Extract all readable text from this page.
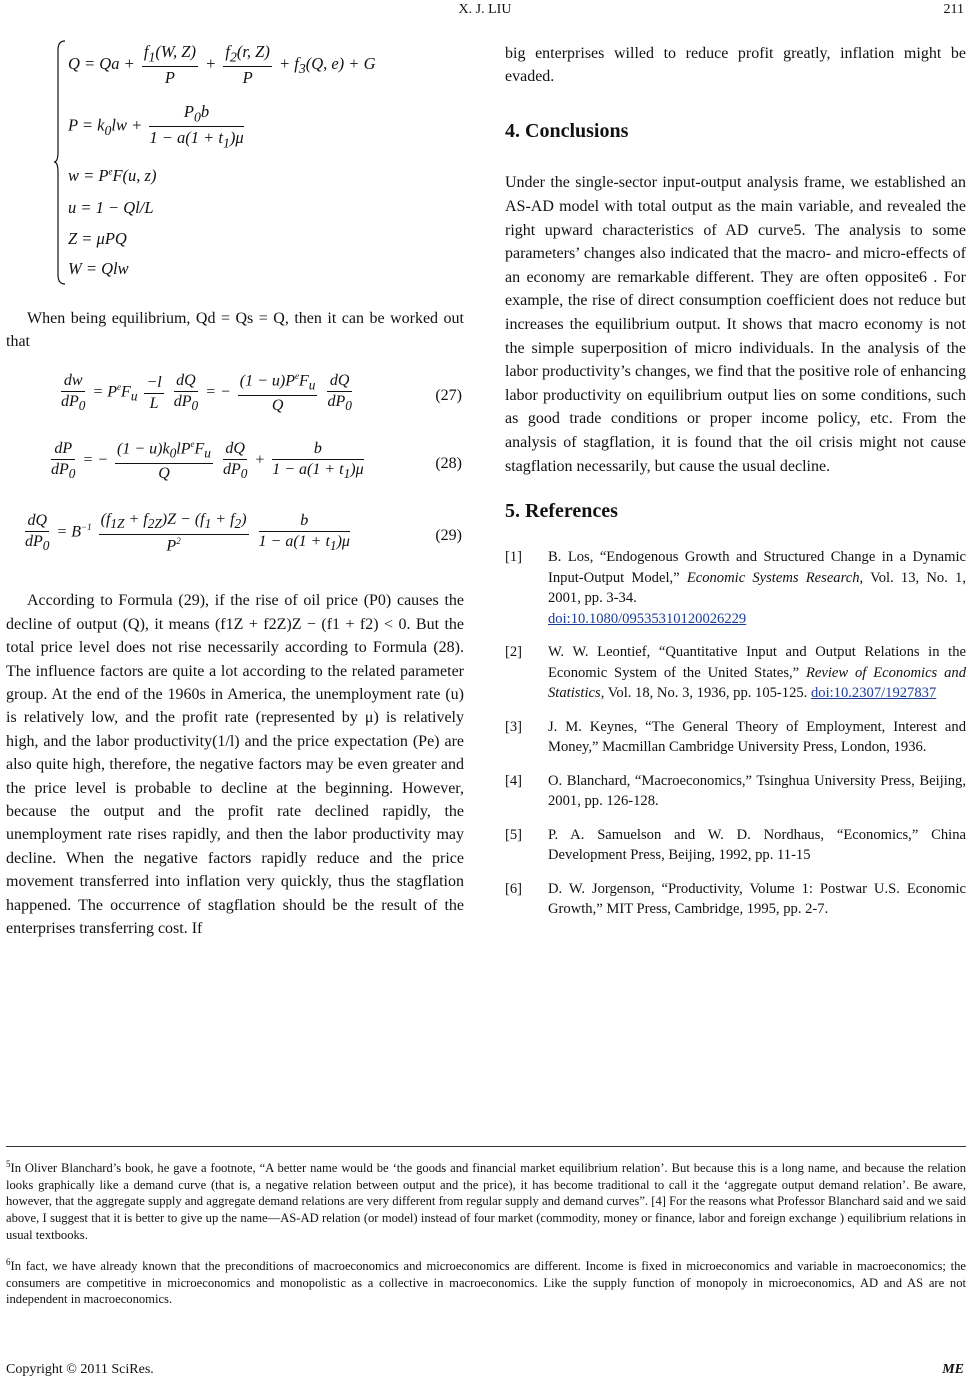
X. J. LIU	211
$Q = Qa + \frac{f_1(W, Z)}{P} + \frac{f_2(r, Z)}{P} + f_3(Q$, e) + G
$P = k_0lw + \frac{P_0b}{1 - a(1 + t_1)\mu}$
$w = P^eF(u$, z)
u = 1 − Ql/L
Z = μPQ
W = Qlw

When being equilibrium, Qd = Qs = Q, then it can be worked out that

$\frac{dw}{dP_0} = P^eF_u \frac{-l}{L}$
$\frac{dQ}{dP_0}$ = −
$(1 - u)P^eF_u$
Q
	$\frac{dQ}{dP_0}$	(27)
$\frac{dP}{dP_0}$ = −
$(1 - u)k_0lP^eF_u$
Q
	$\frac{dQ}{dP_0} + \frac{b}{1 - a(1 + t_1)\mu}$	(28)
$\frac{dQ}{dP_0} = B^{-1} \frac{(f_{1Z} + f_{2Z})Z - (f_1 + f_2)}{P^2}$
$\frac{b}{1 - a(1 + t_1)\mu}$	(29)

According to Formula (29), if the rise of oil price (P0) causes the decline of output (Q), it means (f1Z + f2Z)Z − (f1 + f2) < 0. But the total price level does not rise necessarily according to Formula (28). The influence factors are quite a lot according to the related parameter group. At the end of the 1960s in America, the unemployment rate (u) is relatively low, and the profit rate (represented by μ) is relatively high, and the labor productivity(1/l) and the price expectation (Pe) are also quite high, therefore, the negative factors may be even greater and the price level is probable to decline at the beginning. However, because the output and the profit rate declined rapidly, the unemployment rate rises rapidly, and then the labor productivity may decline. When the negative factors rapidly reduce and the price movement transferred into inflation very quickly, thus the stagflation happened. The occurrence of stagflation should be the result of the enterprises transferring cost. If

big enterprises willed to reduce profit greatly, inflation might be evaded.

4. Conclusions

Under the single-sector input-output analysis frame, we established an AS-AD model with total output as the main variable, and revealed the right upward characteristics of AD curve5. The analysis to some parameters’ changes also indicated that the macro- and micro-effects of an economy are remarkable different. They are often opposite6 . For example, the rise of direct consumption coefficient does not reduce but increases the equilibrium output. It shows that macro economy is not the simple superposition of micro individuals. In the analysis of the labor productivity’s changes, we find that the positive role of enhancing labor productivity on equilibrium output lies on some conditions, such as good trade conditions or proper income policy, etc. From the analysis of stagflation, it is found that the oil crisis might not cause stagflation necessarily, but cause the usual decline.

5. References
[1] B. Los, “Endogenous Growth and Structured Change in a Dynamic Input-Output Model,” Economic Systems Research, Vol. 13, No. 1, 2001, pp. 3-34.
doi:10.1080/09535310120026229
[2] W. W. Leontief, “Quantitative Input and Output Relations in the Economic System of the United States,” Review of Economics and Statistics, Vol. 18, No. 3, 1936, pp. 105-125. doi:10.2307/1927837
[3] J. M. Keynes, “The General Theory of Employment, Interest and Money,” Macmillan Cambridge University Press, London, 1936.
[4] O. Blanchard, “Macroeconomics,” Tsinghua University Press, Beijing, 2001, pp. 126-128.
[5] P. A. Samuelson and W. D. Nordhaus, “Economics,” China Development Press, Beijing, 1992, pp. 11-15
[6] D. W. Jorgenson, “Productivity, Volume 1: Postwar U.S. Economic Growth,” MIT Press, Cambridge, 1995, pp. 2-7.
$^5$In Oliver Blanchard’s book, he gave a footnote, “A better name would be ‘the goods and financial market equilibrium relation’. But because this is a long name, and because the relation looks graphically like a demand curve (that is, a negative relation between output and the price), it has become traditional to call it the ‘aggregate output demand relation’. Be aware, however, that the aggregate supply and aggregate demand relations are very different from regular supply and demand curves”. [4] For the reasons what Professor Blanchard said and we said above, I suggest that it is better to give up the name―AS-AD relation (or model) instead of four market (commodity, money or finance, labor and foreign exchange ) equilibrium relations in usual textbooks.
$^6$In fact, we have already known that the preconditions of macroeconomics and microeconomics are different. Income is fixed in microeconomics and variable in macroeconomics; the consumers are competitive in microeconomics and monopolistic as a collective in macroeconomics. Like the supply function of monopoly in microeconomics, AD and AS are not independent in macroeconomics.
Copyright © 2011 SciRes.	ME
